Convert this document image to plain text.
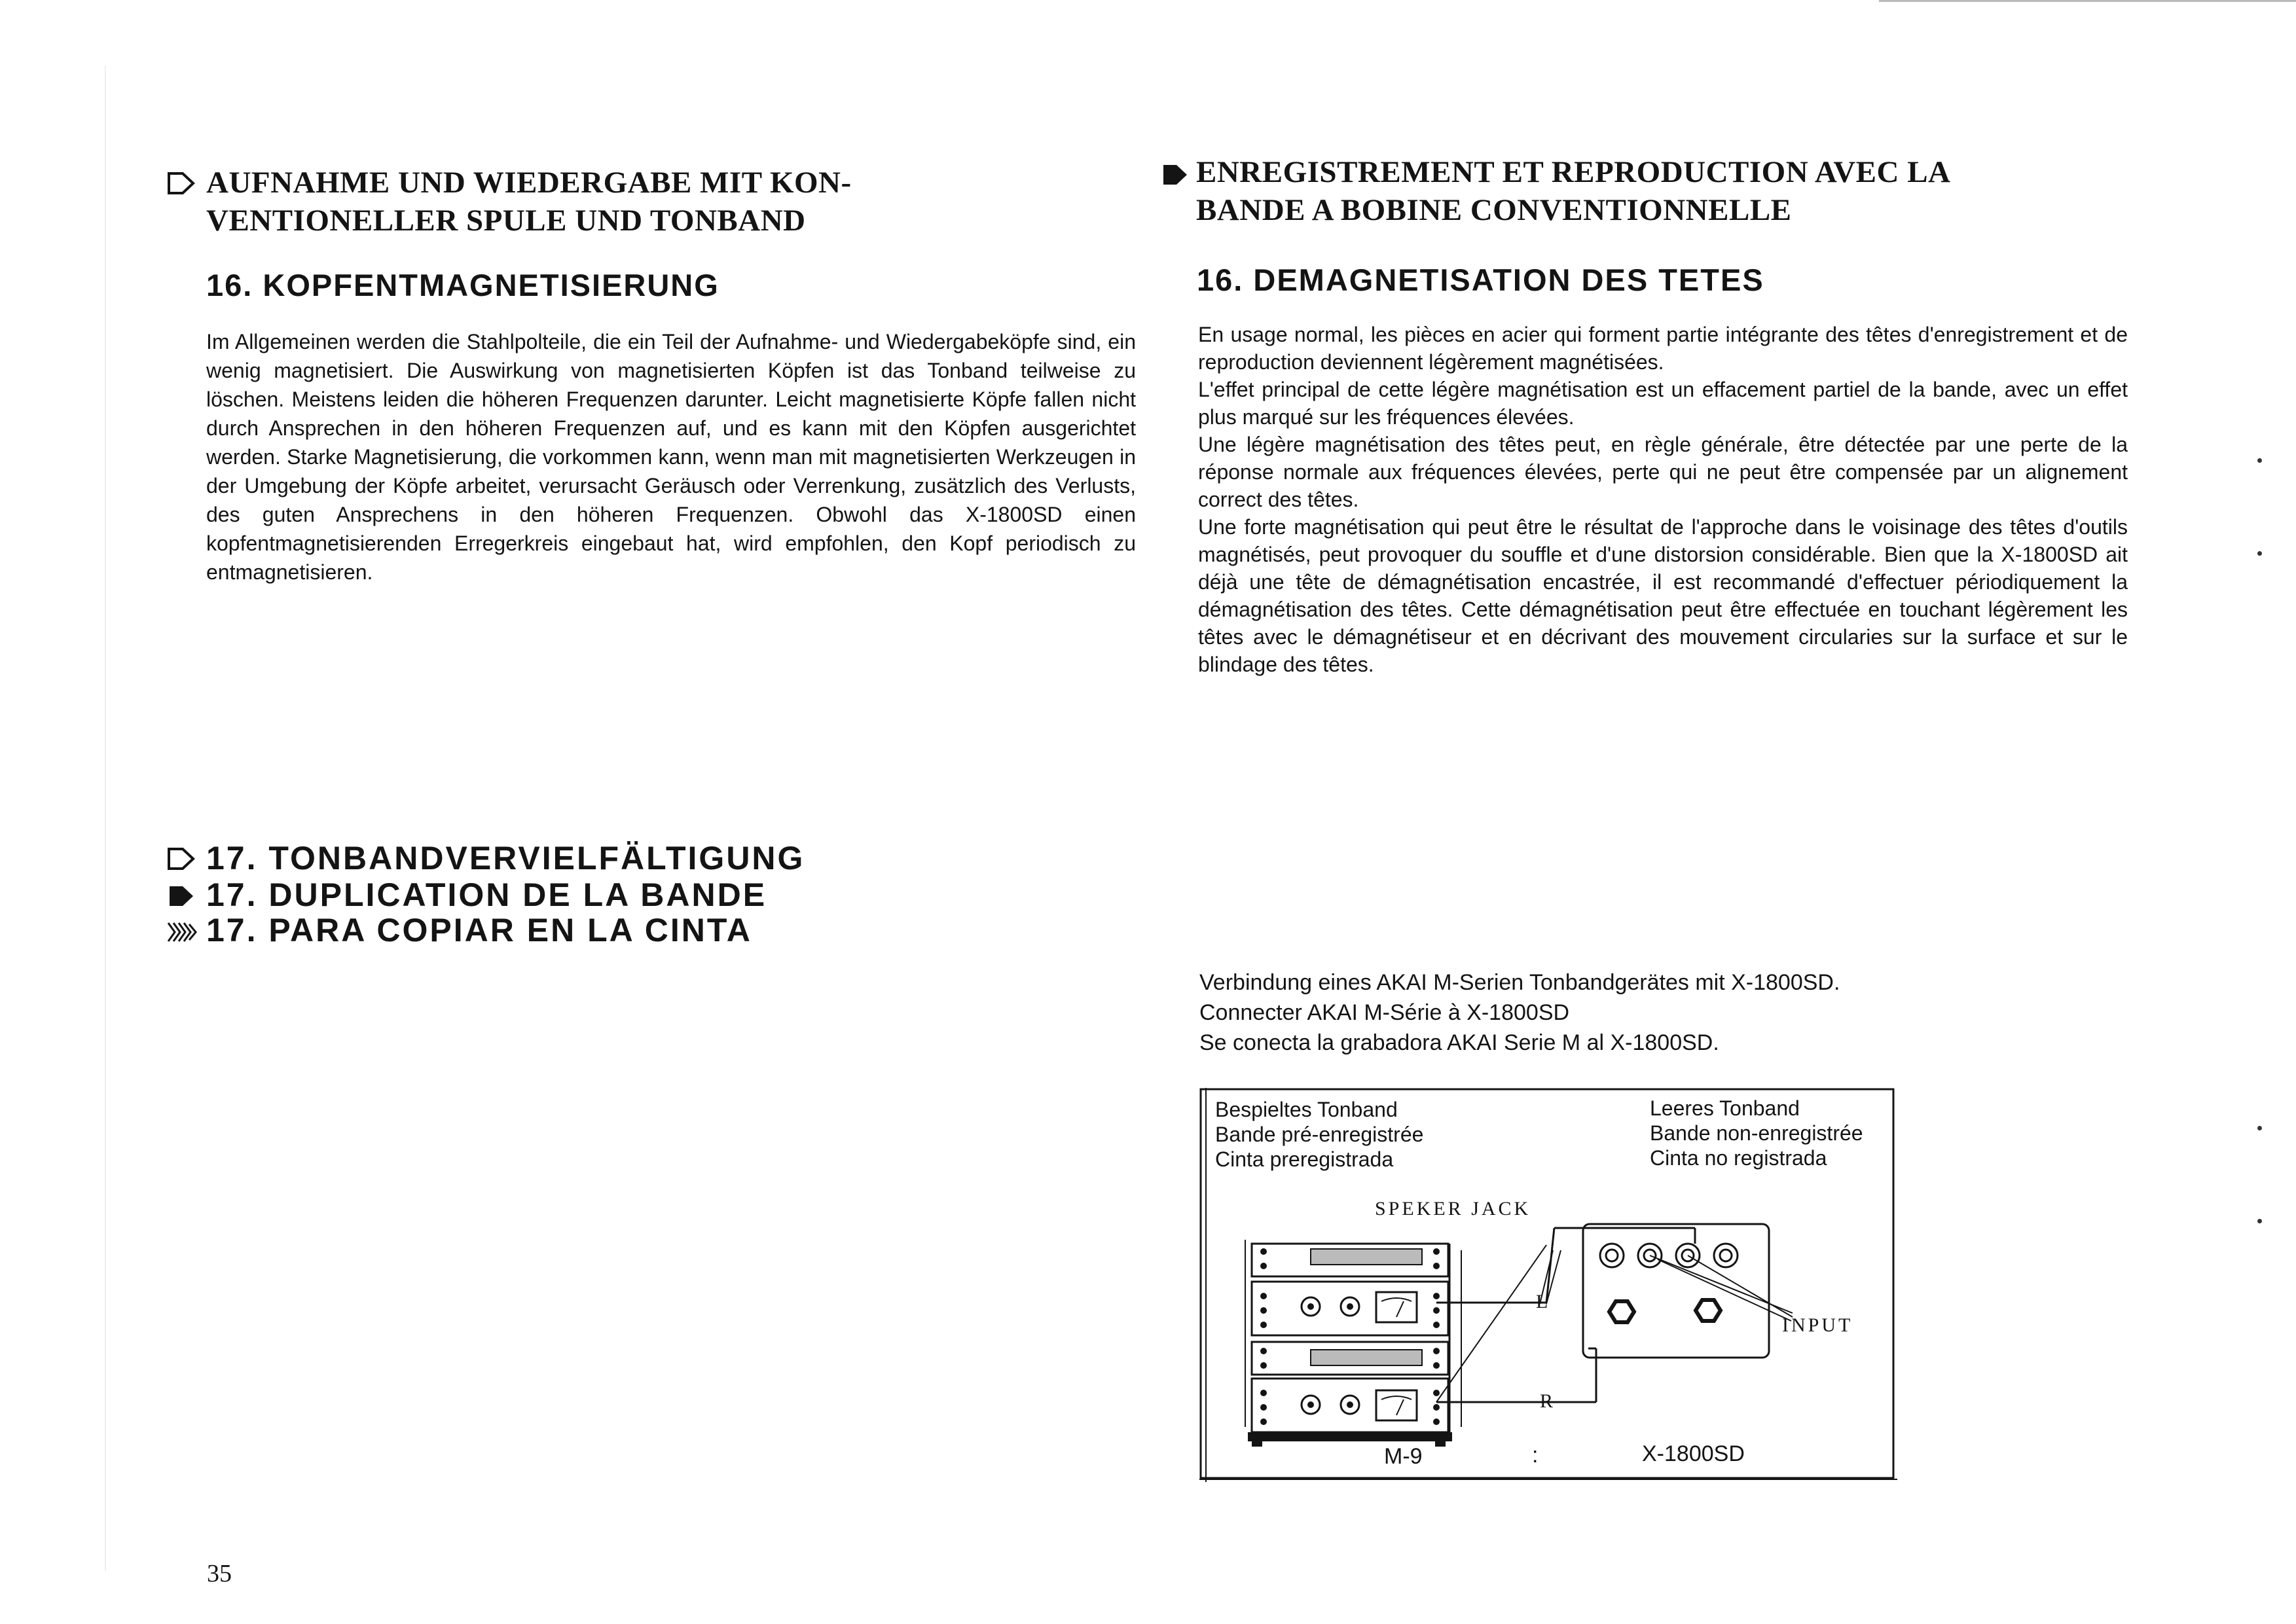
AUFNAHME UND WIEDERGABE MIT KON-
VENTIONELLER SPULE UND TONBAND
16. KOPFENTMAGNETISIERUNG

Im Allgemeinen werden die Stahlpolteile, die ein Teil der Aufnahme- und Wiedergabeköpfe sind, ein wenig magnetisiert. Die Auswirkung von magnetisierten Köpfen ist das Tonband teilweise zu löschen. Meistens leiden die höheren Frequenzen darunter. Leicht magnetisierte Köpfe fallen nicht durch Ansprechen in den höheren Frequenzen auf, und es kann mit den Köpfen ausgerichtet werden. Starke Magnetisierung, die vorkommen kann, wenn man mit magnetisierten Werkzeugen in der Umgebung der Köpfe arbeitet, verursacht Geräusch oder Verrenkung, zusätzlich des Verlusts, des guten Ansprechens in den höheren Frequenzen. Obwohl das X-1800SD einen kopfentmagnetisierenden Erregerkreis eingebaut hat, wird empfohlen, den Kopf periodisch zu entmagnetisieren.

ENREGISTREMENT ET REPRODUCTION AVEC LA
BANDE A BOBINE CONVENTIONNELLE
16. DEMAGNETISATION DES TETES

En usage normal, les pièces en acier qui forment partie intégrante des têtes d'enregistrement et de reproduction deviennent légèrement magnétisées.

L'effet principal de cette légère magnétisation est un effacement partiel de la bande, avec un effet plus marqué sur les fréquences élevées.

Une légère magnétisation des têtes peut, en règle générale, être détectée par une perte de la réponse normale aux fréquences élevées, perte qui ne peut être compensée par un alignement correct des têtes.

Une forte magnétisation qui peut être le résultat de l'approche dans le voisinage des têtes d'outils magnétisés, peut provoquer du souffle et d'une distorsion considérable. Bien que la X-1800SD ait déjà une tête de démagnétisation encastrée, il est recommandé d'effectuer périodiquement la démagnétisation des têtes. Cette démagnétisation peut être effectuée en touchant légèrement les têtes avec le démagnétiseur et en décrivant des mouvement circularies sur la surface et sur le blindage des têtes.

17. TONBANDVERVIELFÄLTIGUNG
17. DUPLICATION DE LA BANDE
17. PARA COPIAR EN LA CINTA
Verbindung eines AKAI M-Serien Tonbandgerätes mit X-1800SD.
Connecter AKAI M-Série à X-1800SD
Se conecta la grabadora AKAI Serie M al X-1800SD.
Bespieltes Tonband
Bande pré-enregistrée
Cinta preregistrada
Leeres Tonband
Bande non-enregistrée
Cinta no registrada
SPEKER JACK
INPUT
L
R
M-9	:	X-1800SD
35
